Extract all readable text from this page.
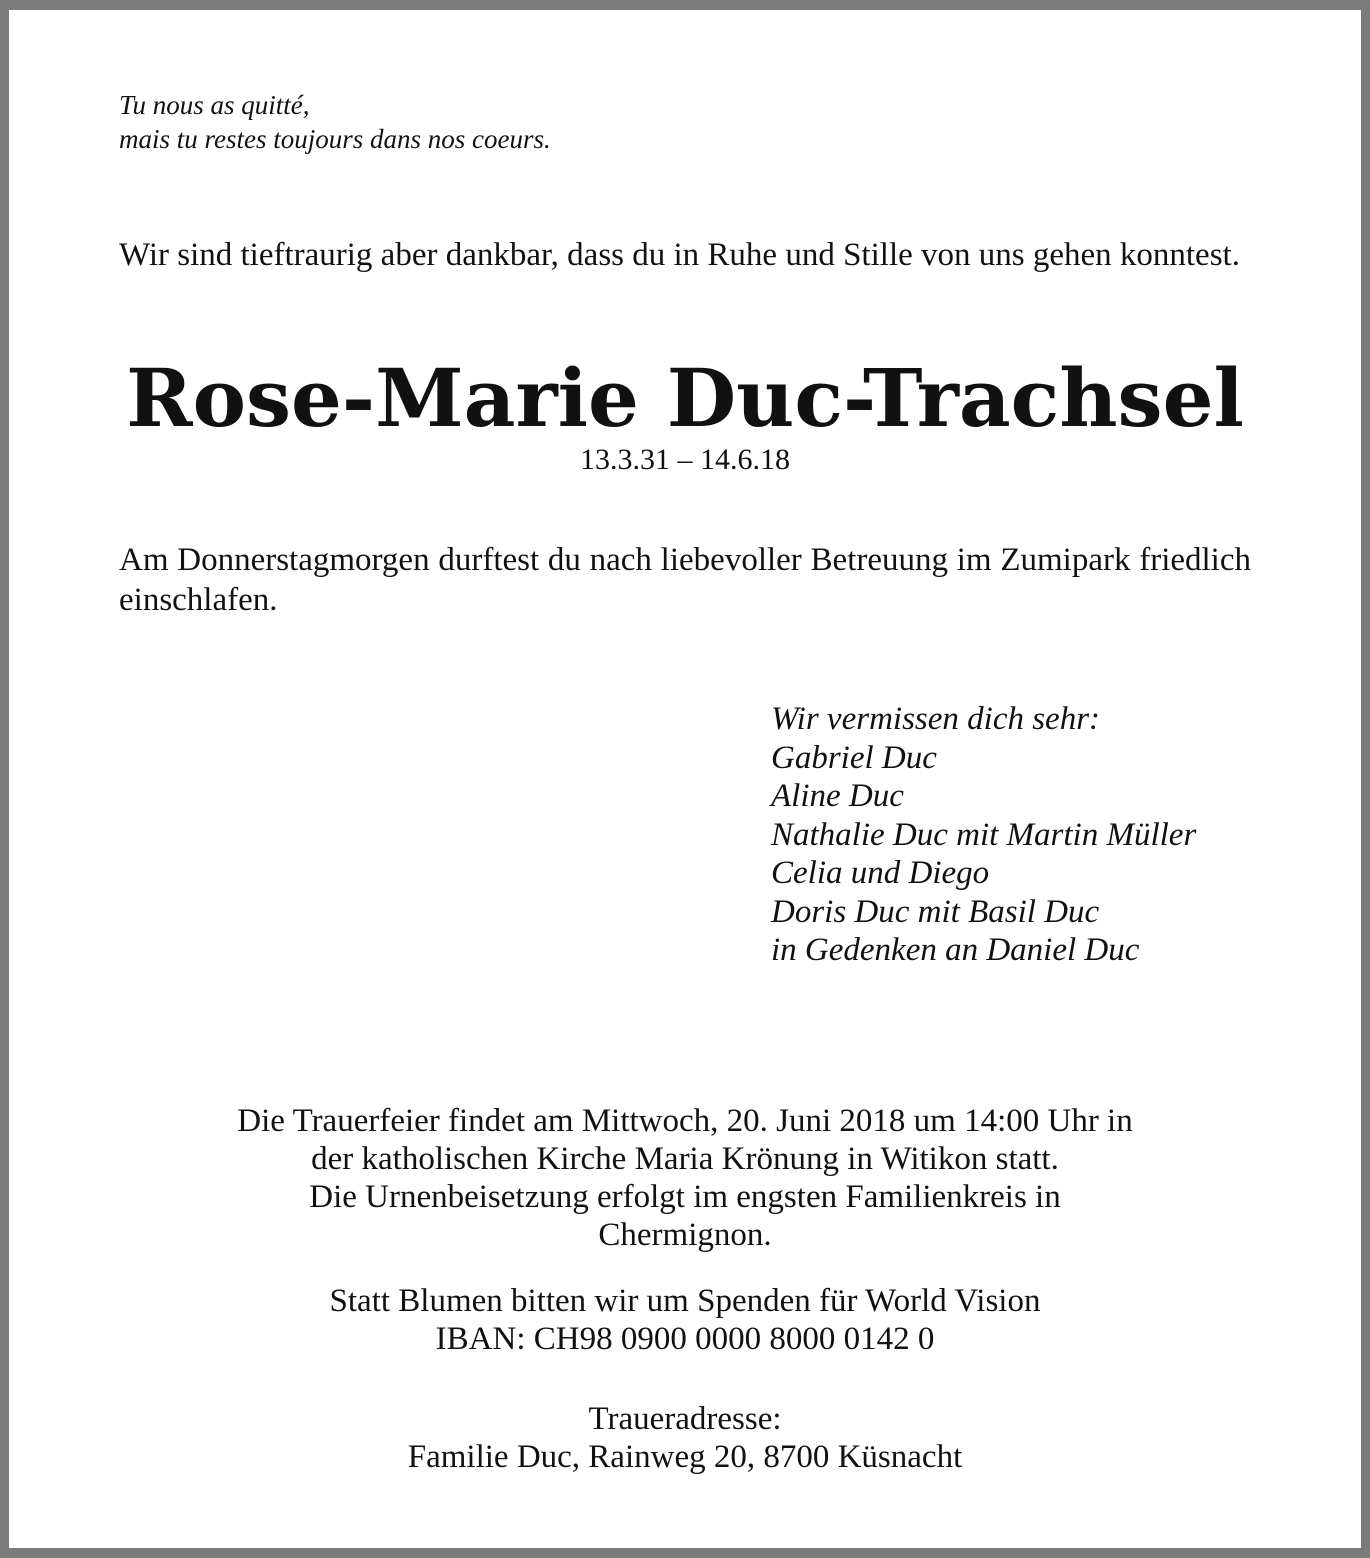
Tu nous as quitté,
mais tu restes toujours dans nos coeurs.
Wir sind tieftraurig aber dankbar, dass du in Ruhe und Stille von uns gehen konntest.
Rose-Marie Duc-Trachsel
13.3.31 – 14.6.18
Am Donnerstagmorgen durftest du nach liebevoller Betreuung im Zumipark friedlich einschlafen.
Wir vermissen dich sehr:
Gabriel Duc
Aline Duc
Nathalie Duc mit Martin Müller
Celia und Diego
Doris Duc mit Basil Duc
in Gedenken an Daniel Duc
Die Trauerfeier findet am Mittwoch, 20. Juni 2018 um 14:00 Uhr in
der katholischen Kirche Maria Krönung in Witikon statt.
Die Urnenbeisetzung erfolgt im engsten Familienkreis in
Chermignon.
Statt Blumen bitten wir um Spenden für World Vision
IBAN: CH98 0900 0000 8000 0142 0
Traueradresse:
Familie Duc, Rainweg 20, 8700 Küsnacht
